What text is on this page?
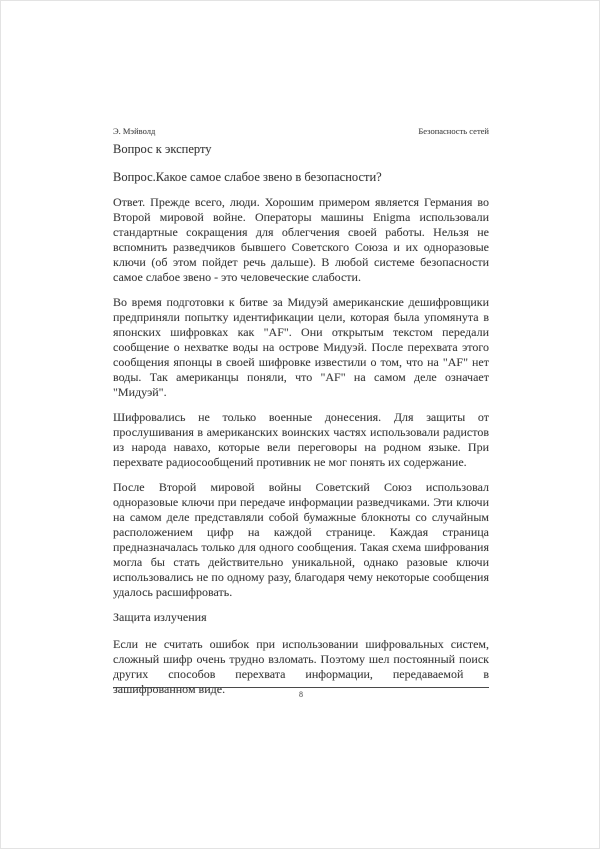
Э. Мэйволд	Безопасность сетей
Вопрос к эксперту

Вопрос.Какое самое слабое звено в безопасности?

Ответ. Прежде всего, люди. Хорошим примером является Германия во Второй мировой войне. Операторы машины Enigma использовали стандартные сокращения для облегчения своей работы. Нельзя не вспомнить разведчиков бывшего Советского Союза и их одноразовые ключи (об этом пойдет речь дальше). В любой системе безопасности самое слабое звено - это человеческие слабости.

Во время подготовки к битве за Мидуэй американские дешифровщики предприняли попытку идентификации цели, которая была упомянута в японских шифровках как "AF". Они открытым текстом передали сообщение о нехватке воды на острове Мидуэй. После перехвата этого сообщения японцы в своей шифровке известили о том, что на "AF" нет воды. Так американцы поняли, что "AF" на самом деле означает "Мидуэй".

Шифровались не только военные донесения. Для защиты от прослушивания в американских воинских частях использовали радистов из народа навахо, которые вели переговоры на родном языке. При перехвате радиосообщений противник не мог понять их содержание.

После Второй мировой войны Советский Союз использовал одноразовые ключи при передаче информации разведчиками. Эти ключи на самом деле представляли собой бумажные блокноты со случайным расположением цифр на каждой странице. Каждая страница предназначалась только для одного сообщения. Такая схема шифрования могла бы стать действительно уникальной, однако разовые ключи использовались не по одному разу, благодаря чему некоторые сообщения удалось расшифровать.

Защита излучения

Если не считать ошибок при использовании шифровальных систем, сложный шифр очень трудно взломать. Поэтому шел постоянный поиск других способов перехвата информации, передаваемой в зашифрованном виде.	8
